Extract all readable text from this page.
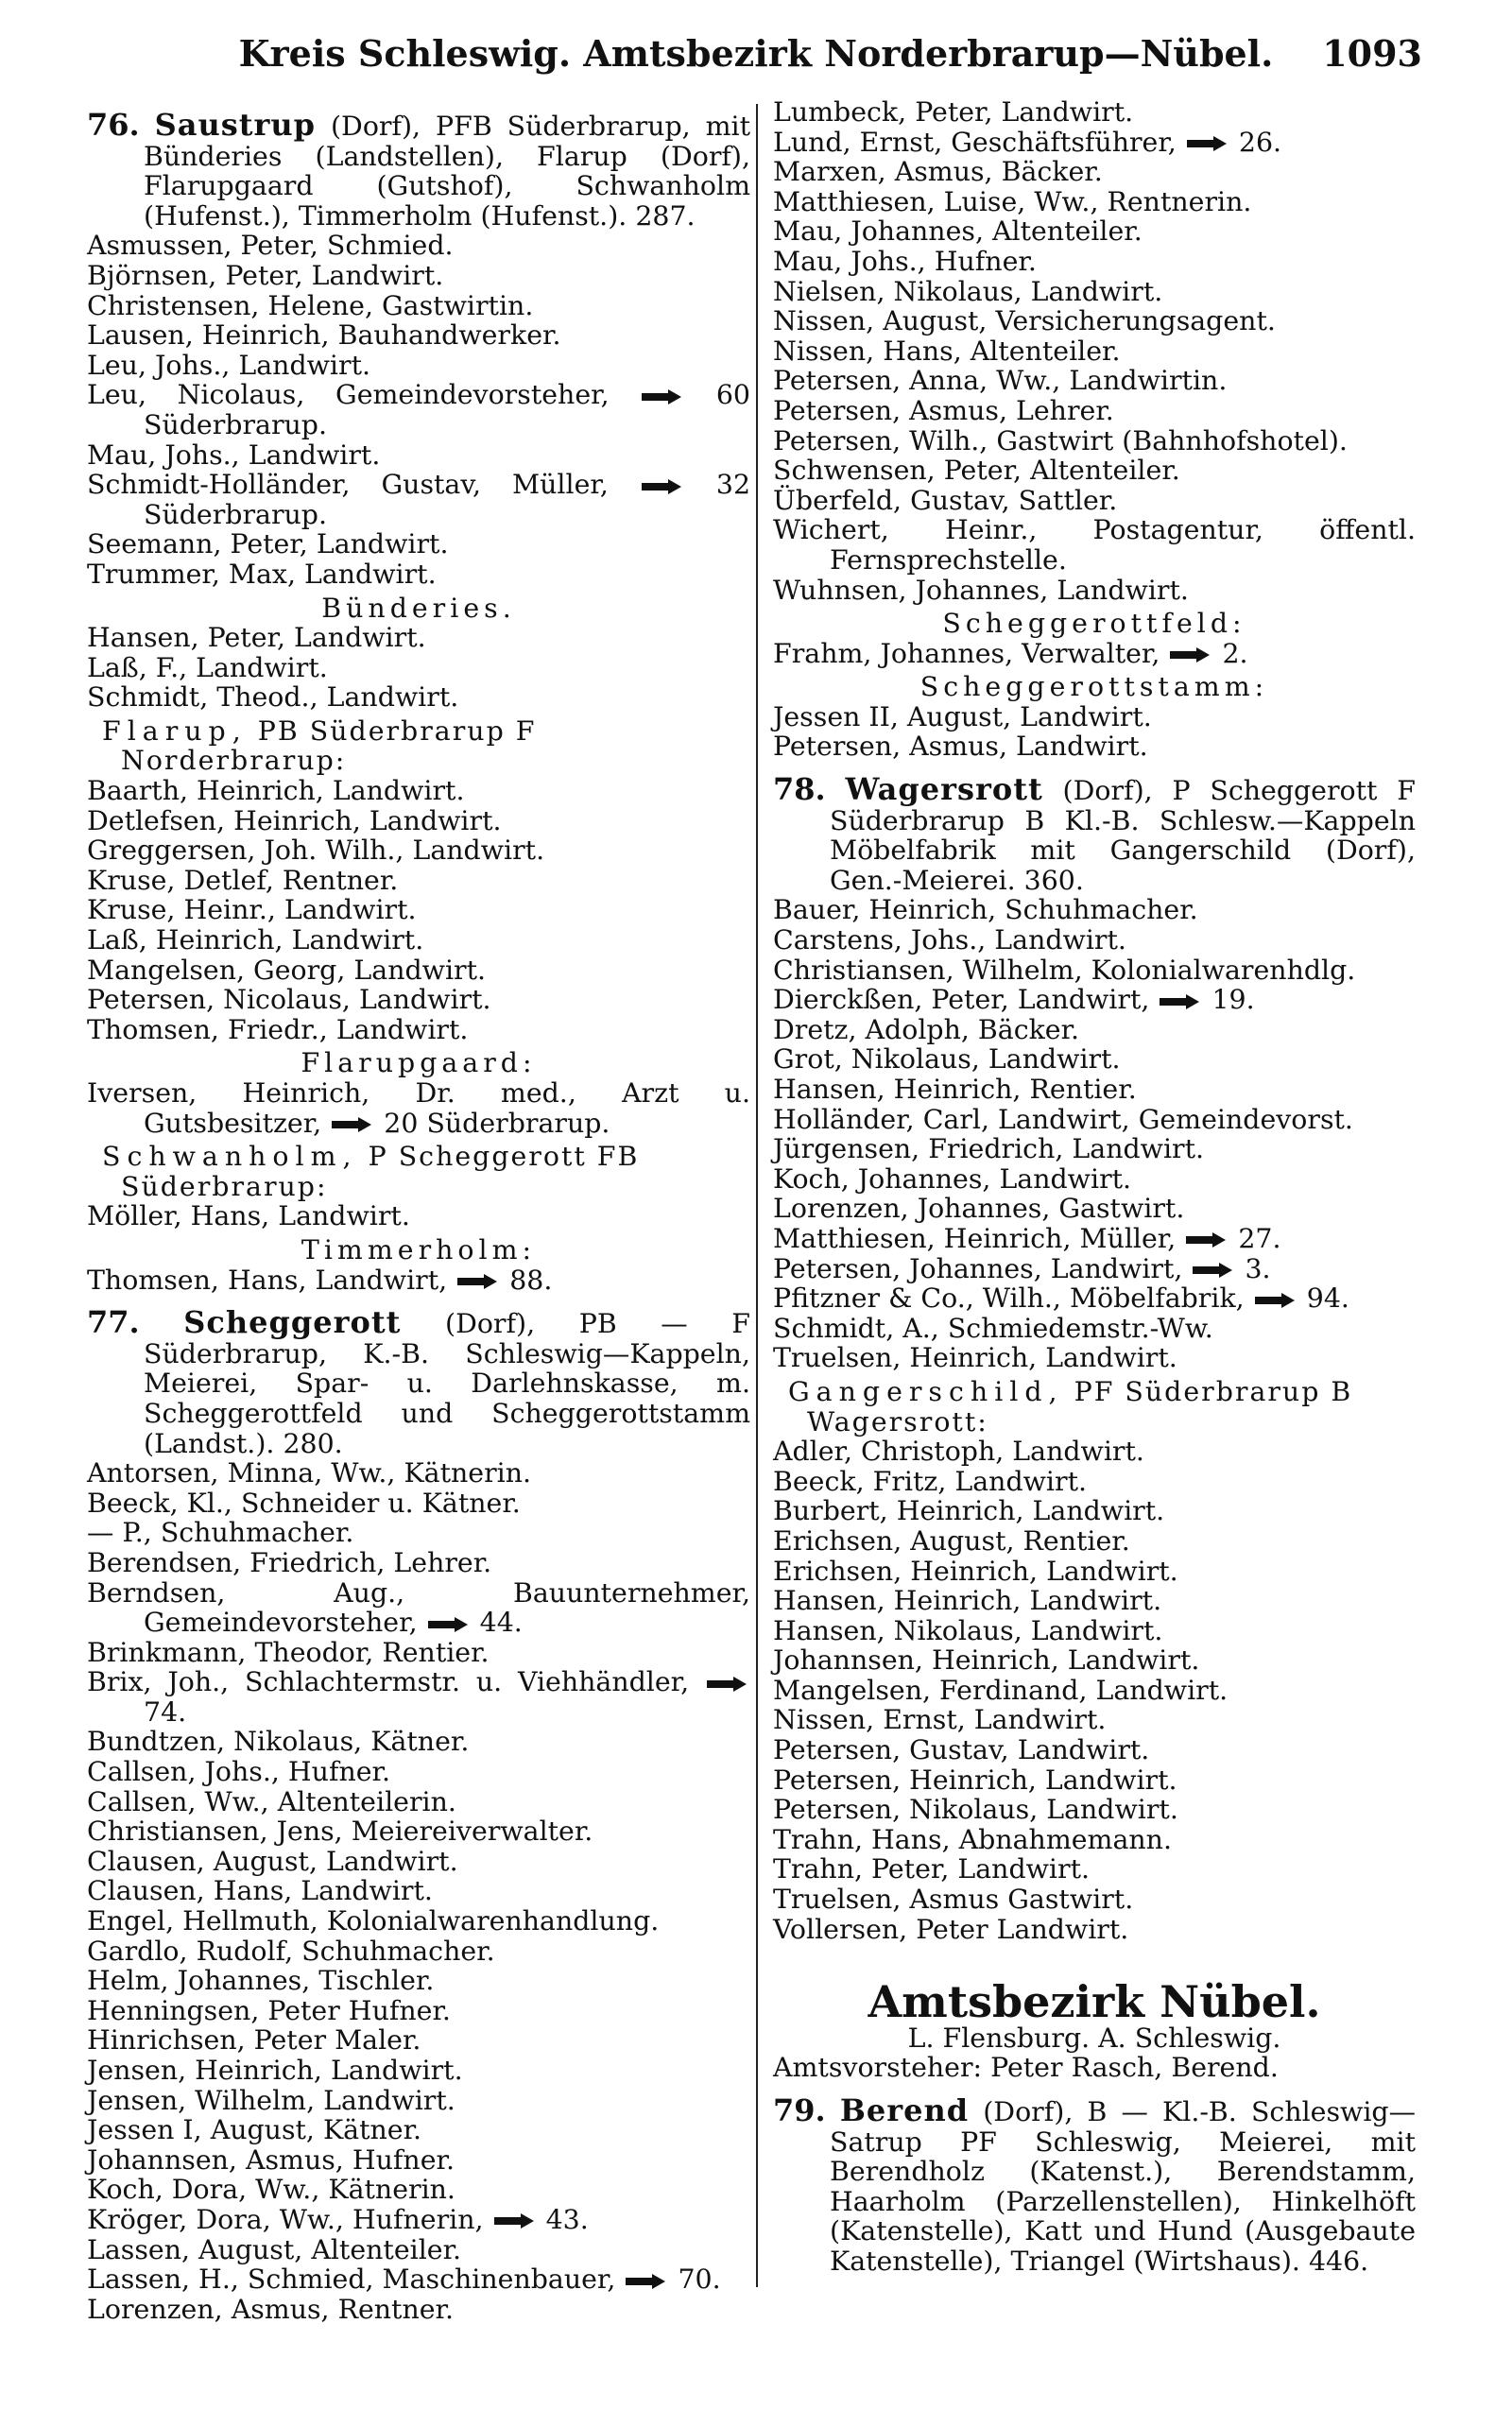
Kreis Schleswig. Amtsbezirk Norderbrarup—Nübel.	1093
76. Saustrup (Dorf), PFB Süderbrarup, mit Bünderies (Landstellen), Flarup (Dorf), Flarupgaard (Gutshof), Schwanholm (Hufenst.), Timmerholm (Hufenst.). 287.
Asmussen, Peter, Schmied.
Björnsen, Peter, Landwirt.
Christensen, Helene, Gastwirtin.
Lausen, Heinrich, Bauhandwerker.
Leu, Johs., Landwirt.
Leu, Nicolaus, Gemeindevorsteher,	60 Süderbrarup.
Mau, Johs., Landwirt.
Schmidt-Holländer, Gustav, Müller,	32 Süderbrarup.
Seemann, Peter, Landwirt.
Trummer, Max, Landwirt.
Bünderies.
Hansen, Peter, Landwirt.
Laß, F., Landwirt.
Schmidt, Theod., Landwirt.
Flarup, PB Süderbrarup F Norderbrarup:
Baarth, Heinrich, Landwirt.
Detlefsen, Heinrich, Landwirt.
Greggersen, Joh. Wilh., Landwirt.
Kruse, Detlef, Rentner.
Kruse, Heinr., Landwirt.
Laß, Heinrich, Landwirt.
Mangelsen, Georg, Landwirt.
Petersen, Nicolaus, Landwirt.
Thomsen, Friedr., Landwirt.
Flarupgaard:
Iversen, Heinrich, Dr. med., Arzt u. Gutsbesitzer, 20 Süderbrarup.
Schwanholm, P Scheggerott FB Süderbrarup:
Möller, Hans, Landwirt.
Timmerholm:
Thomsen, Hans, Landwirt, 88.
77. Scheggerott (Dorf), PB — F Süderbrarup, K.-B. Schleswig—Kappeln, Meierei, Spar- u. Darlehnskasse, m. Scheggerottfeld und Scheggerottstamm (Landst.). 280.
Antorsen, Minna, Ww., Kätnerin.
Beeck, Kl., Schneider u. Kätner.
— P., Schuhmacher.
Berendsen, Friedrich, Lehrer.
Berndsen, Aug., Bauunternehmer, Gemeindevorsteher, 44.
Brinkmann, Theodor, Rentier.
Brix, Joh., Schlachtermstr. u. Viehhändler,  74.
Bundtzen, Nikolaus, Kätner.
Callsen, Johs., Hufner.
Callsen, Ww., Altenteilerin.
Christiansen, Jens, Meiereiverwalter.
Clausen, August, Landwirt.
Clausen, Hans, Landwirt.
Engel, Hellmuth, Kolonialwarenhandlung.
Gardlo, Rudolf, Schuhmacher.
Helm, Johannes, Tischler.
Henningsen, Peter Hufner.
Hinrichsen, Peter Maler.
Jensen, Heinrich, Landwirt.
Jensen, Wilhelm, Landwirt.
Jessen I, August, Kätner.
Johannsen, Asmus, Hufner.
Koch, Dora, Ww., Kätnerin.
Kröger, Dora, Ww., Hufnerin, 43.
Lassen, August, Altenteiler.
Lassen, H., Schmied, Maschinenbauer, 70.
Lorenzen, Asmus, Rentner.
Lumbeck, Peter, Landwirt.
Lund, Ernst, Geschäftsführer, 26.
Marxen, Asmus, Bäcker.
Matthiesen, Luise, Ww., Rentnerin.
Mau, Johannes, Altenteiler.
Mau, Johs., Hufner.
Nielsen, Nikolaus, Landwirt.
Nissen, August, Versicherungsagent.
Nissen, Hans, Altenteiler.
Petersen, Anna, Ww., Landwirtin.
Petersen, Asmus, Lehrer.
Petersen, Wilh., Gastwirt (Bahnhofshotel).
Schwensen, Peter, Altenteiler.
Überfeld, Gustav, Sattler.
Wichert, Heinr., Postagentur, öffentl. Fernsprechstelle.
Wuhnsen, Johannes, Landwirt.
Scheggerottfeld:
Frahm, Johannes, Verwalter, 2.
Scheggerottstamm:
Jessen II, August, Landwirt.
Petersen, Asmus, Landwirt.
78. Wagersrott (Dorf), P Scheggerott F Süderbrarup B Kl.-B. Schlesw.—Kappeln Möbelfabrik mit Gangerschild (Dorf), Gen.-Meierei. 360.
Bauer, Heinrich, Schuhmacher.
Carstens, Johs., Landwirt.
Christiansen, Wilhelm, Kolonialwarenhdlg.
Dierckßen, Peter, Landwirt, 19.
Dretz, Adolph, Bäcker.
Grot, Nikolaus, Landwirt.
Hansen, Heinrich, Rentier.
Holländer, Carl, Landwirt, Gemeindevorst.
Jürgensen, Friedrich, Landwirt.
Koch, Johannes, Landwirt.
Lorenzen, Johannes, Gastwirt.
Matthiesen, Heinrich, Müller, 27.
Petersen, Johannes, Landwirt, 3.
Pfitzner & Co., Wilh., Möbelfabrik, 94.
Schmidt, A., Schmiedemstr.-Ww.
Truelsen, Heinrich, Landwirt.
Gangerschild, PF Süderbrarup B Wagersrott:
Adler, Christoph, Landwirt.
Beeck, Fritz, Landwirt.
Burbert, Heinrich, Landwirt.
Erichsen, August, Rentier.
Erichsen, Heinrich, Landwirt.
Hansen, Heinrich, Landwirt.
Hansen, Nikolaus, Landwirt.
Johannsen, Heinrich, Landwirt.
Mangelsen, Ferdinand, Landwirt.
Nissen, Ernst, Landwirt.
Petersen, Gustav, Landwirt.
Petersen, Heinrich, Landwirt.
Petersen, Nikolaus, Landwirt.
Trahn, Hans, Abnahmemann.
Trahn, Peter, Landwirt.
Truelsen, Asmus Gastwirt.
Vollersen, Peter Landwirt.
Amtsbezirk Nübel.
L. Flensburg. A. Schleswig.
Amtsvorsteher: Peter Rasch, Berend.
79. Berend (Dorf), B — Kl.-B. Schleswig—Satrup PF Schleswig, Meierei, mit Berendholz (Katenst.), Berendstamm, Haarholm (Parzellenstellen), Hinkelhöft (Katenstelle), Katt und Hund (Ausgebaute Katenstelle), Triangel (Wirtshaus). 446.
